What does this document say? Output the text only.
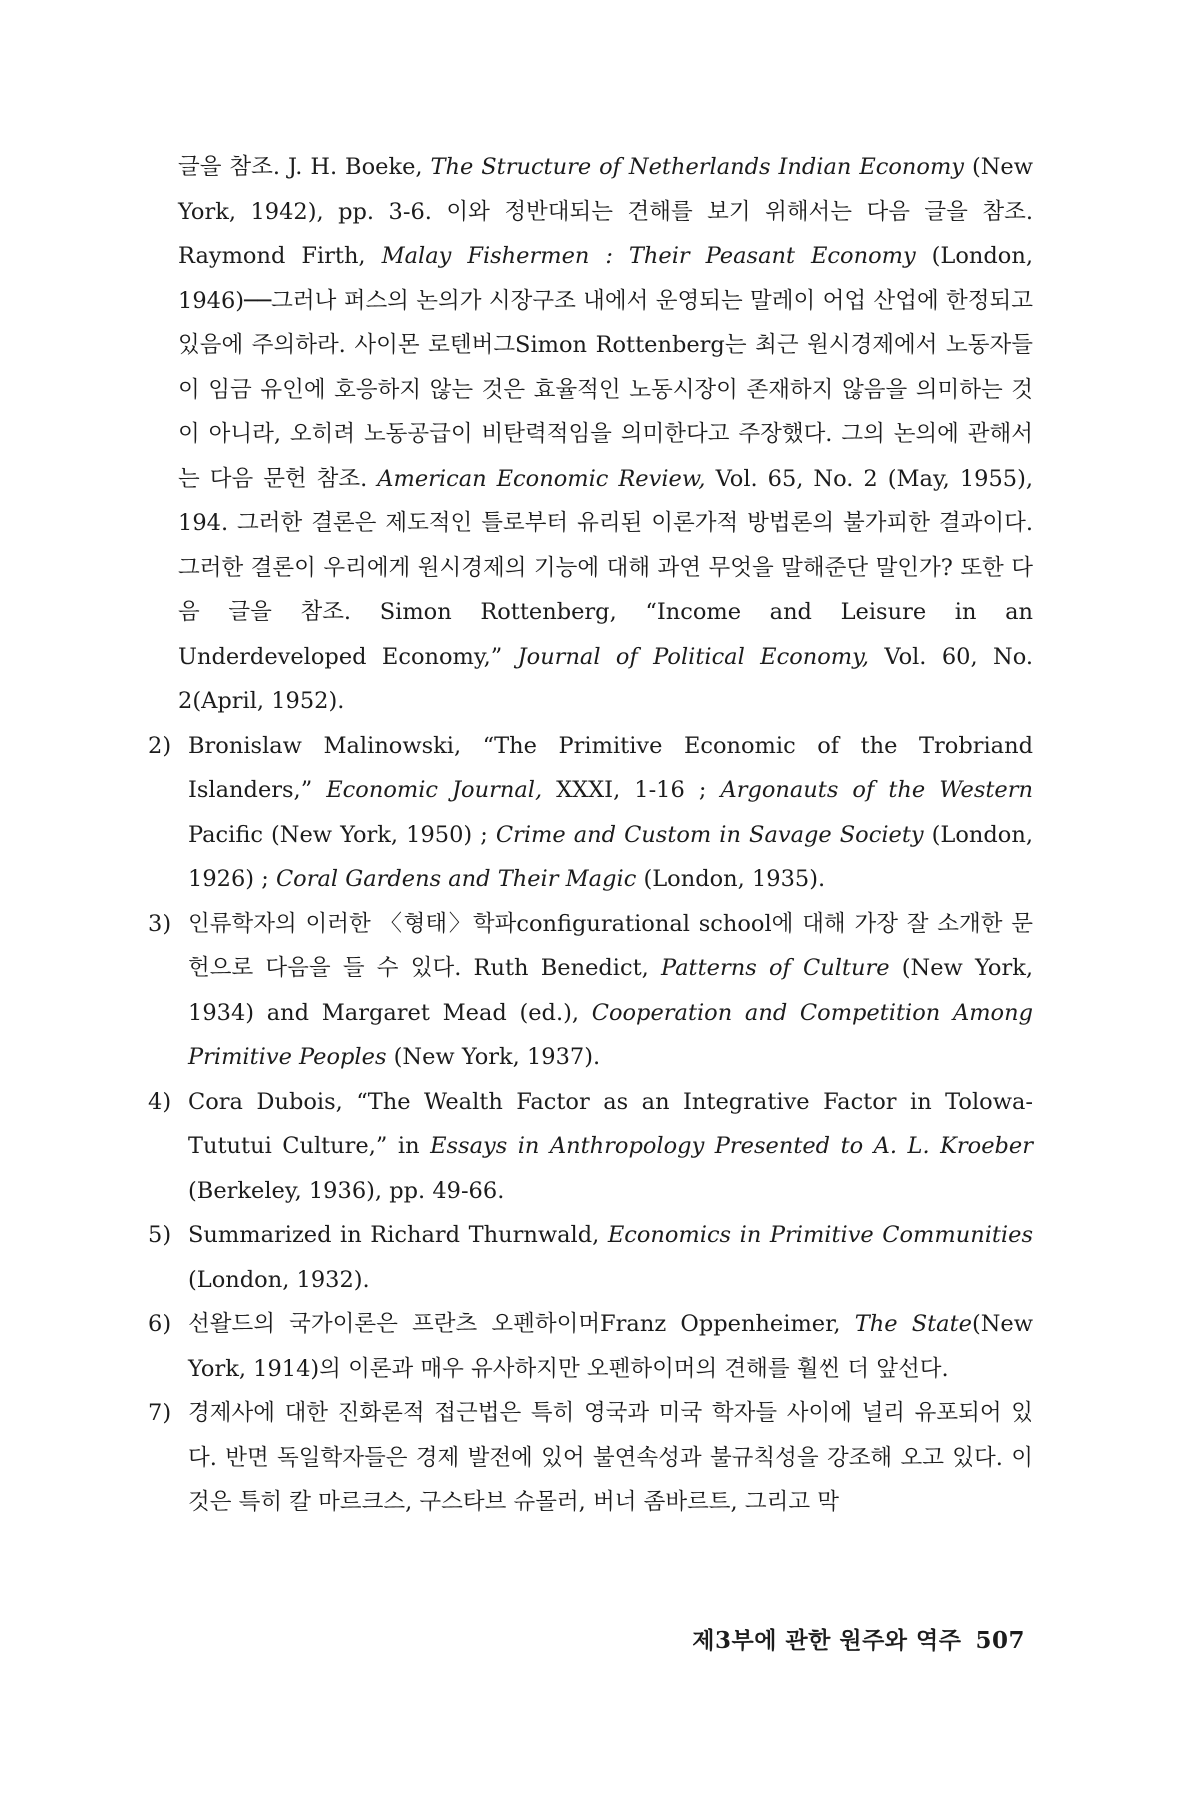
글을 참조. J. H. Boeke, The Structure of Netherlands Indian Economy (New York, 1942), pp. 3-6. 이와 정반대되는 견해를 보기 위해서는 다음 글을 참조. Raymond Firth, Malay Fishermen : Their Peasant Economy (London, 1946)──그러나 퍼스의 논의가 시장구조 내에서 운영되는 말레이 어업 산업에 한정되고 있음에 주의하라. 사이몬 로텐버그Simon Rottenberg는 최근 원시경제에서 노동자들이 임금 유인에 호응하지 않는 것은 효율적인 노동시장이 존재하지 않음을 의미하는 것이 아니라, 오히려 노동공급이 비탄력적임을 의미한다고 주장했다. 그의 논의에 관해서는 다음 문헌 참조. American Economic Review, Vol. 65, No. 2 (May, 1955), 194. 그러한 결론은 제도적인 틀로부터 유리된 이론가적 방법론의 불가피한 결과이다. 그러한 결론이 우리에게 원시경제의 기능에 대해 과연 무엇을 말해준단 말인가? 또한 다음 글을 참조. Simon Rottenberg, “Income and Leisure in an Underdeveloped Economy,” Journal of Political Economy, Vol. 60, No. 2(April, 1952).
2) Bronislaw Malinowski, “The Primitive Economic of the Trobriand Islanders,” Economic Journal, XXXI, 1-16 ; Argonauts of the Western Pacific (New York, 1950) ; Crime and Custom in Savage Society (London, 1926) ; Coral Gardens and Their Magic (London, 1935).
3) 인류학자의 이러한 〈형태〉학파configurational school에 대해 가장 잘 소개한 문헌으로 다음을 들 수 있다. Ruth Benedict, Patterns of Culture (New York, 1934) and Margaret Mead (ed.), Cooperation and Competition Among Primitive Peoples (New York, 1937).
4) Cora Dubois, “The Wealth Factor as an Integrative Factor in Tolowa-Tututui Culture,” in Essays in Anthropology Presented to A. L. Kroeber (Berkeley, 1936), pp. 49-66.
5) Summarized in Richard Thurnwald, Economics in Primitive Communities (London, 1932).
6) 선왈드의 국가이론은 프란츠 오펜하이머Franz Oppenheimer, The State(New York, 1914)의 이론과 매우 유사하지만 오펜하이머의 견해를 훨씬 더 앞선다.
7) 경제사에 대한 진화론적 접근법은 특히 영국과 미국 학자들 사이에 널리 유포되어 있다. 반면 독일학자들은 경제 발전에 있어 불연속성과 불규칙성을 강조해 오고 있다. 이것은 특히 칼 마르크스, 구스타브 슈몰러, 버너 좀바르트, 그리고 막
제3부에 관한 원주와 역주 507
